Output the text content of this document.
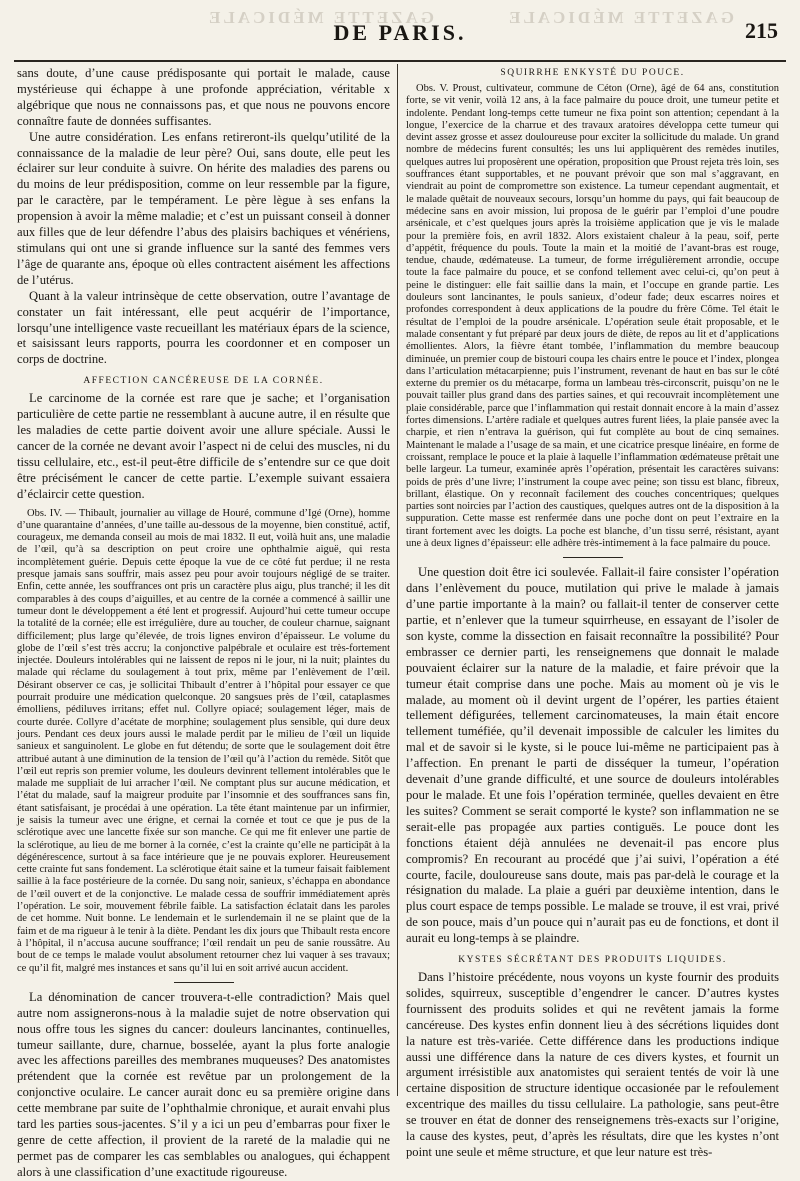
GAZETTE MÉDICALE	GAZETTE MÉDICALE
DE PARIS.	215

sans doute, d’une cause prédisposante qui portait le malade, cause mystérieuse qui échappe à une profonde appréciation, véritable x algébrique que nous ne connaissons pas, et que nous ne pouvons encore connaître faute de données suffisantes.

Une autre considération. Les enfans retireront-ils quelqu’utilité de la connaissance de la maladie de leur père? Oui, sans doute, elle peut les éclairer sur leur conduite à suivre. On hérite des maladies des parens ou du moins de leur prédisposition, comme on leur ressemble par la figure, par le caractère, par le tempérament. Le père lègue à ses enfans la propension à avoir la même maladie; et c’est un puissant conseil à donner aux filles que de leur défendre l’abus des plaisirs bachiques et vénériens, stimulans qui ont une si grande influence sur la santé des femmes vers l’âge de quarante ans, époque où elles contractent aisément les affections de l’utérus.

Quant à la valeur intrinsèque de cette observation, outre l’avantage de constater un fait intéressant, elle peut acquérir de l’importance, lorsqu’une intelligence vaste recueillant les matériaux épars de la science, et saisissant leurs rapports, pourra les coordonner et en composer un corps de doctrine.

AFFECTION CANCÉREUSE DE LA CORNÉE.

Le carcinome de la cornée est rare que je sache; et l’organisation particulière de cette partie ne ressemblant à aucune autre, il en résulte que les maladies de cette partie doivent avoir une allure spéciale. Aussi le cancer de la cornée ne devant avoir l’aspect ni de celui des muscles, ni du tissu cellulaire, etc., est-il peut-être difficile de s’entendre sur ce que doit être précisément le cancer de cette partie. L’exemple suivant essaiera d’éclaircir cette question.

Obs. IV. — Thibault, journalier au village de Houré, commune d’Igé (Orne), homme d’une quarantaine d’années, d’une taille au-dessous de la moyenne, bien constitué, actif, courageux, me demanda conseil au mois de mai 1832. Il eut, voilà huit ans, une maladie de l’œil, qu’à sa description on peut croire une ophthalmie aiguë, qui resta incomplètement guérie. Depuis cette époque la vue de ce côté fut perdue; il ne resta presque jamais sans souffrir, mais assez peu pour avoir toujours négligé de se traiter. Enfin, cette année, les souffrances ont pris un caractère plus aigu, plus tranché; il les dit comparables à des coups d’aiguilles, et au centre de la cornée a commencé à saillir une tumeur dont le développement a été lent et progressif. Aujourd’hui cette tumeur occupe la totalité de la cornée; elle est irrégulière, dure au toucher, de couleur charnue, saignant difficilement; plus large qu’élevée, de trois lignes environ d’épaisseur. Le volume du globe de l’œil s’est très accru; la conjonctive palpébrale et oculaire est très-fortement injectée. Douleurs intolérables qui ne laissent de repos ni le jour, ni la nuit; plaintes du malade qui réclame du soulagement à tout prix, même par l’enlèvement de l’œil. Désirant observer ce cas, je sollicitai Thibault d’entrer à l’hôpital pour essayer ce que pourrait produire une médication quelconque. 20 sangsues près de l’œil, cataplasmes émolliens, pédiluves irritans; effet nul. Collyre opiacé; soulagement léger, mais de courte durée. Collyre d’acétate de morphine; soulagement plus sensible, qui dure deux jours. Pendant ces deux jours aussi le malade perdit par le milieu de l’œil un liquide sanieux et sanguinolent. Le globe en fut détendu; de sorte que le soulagement doit être attribué autant à une diminution de la tension de l’œil qu’à l’action du remède. Sitôt que l’œil eut repris son premier volume, les douleurs devinrent tellement intolérables que le malade me suppliait de lui arracher l’œil. Ne comptant plus sur aucune médication, et l’état du malade, sauf la maigreur produite par l’insomnie et des souffrances sans fin, étant satisfaisant, je procédai à une opération. La tête étant maintenue par un infirmier, je saisis la tumeur avec une érigne, et cernai la cornée et tout ce que je pus de la sclérotique avec une lancette fixée sur son manche. Ce qui me fit enlever une partie de la sclérotique, au lieu de me borner à la cornée, c’est la crainte qu’elle ne participât à la dégénérescence, surtout à sa face intérieure que je ne pouvais explorer. Heureusement cette crainte fut sans fondement. La sclérotique était saine et la tumeur faisait faiblement saillie à la face postérieure de la cornée. Du sang noir, sanieux, s’échappa en abondance de l’œil ouvert et de la conjonctive. Le malade cessa de souffrir immédiatement après l’opération. Le soir, mouvement fébrile faible. La satisfaction éclatait dans les paroles de cet homme. Nuit bonne. Le lendemain et le surlendemain il ne se plaint que de la faim et de ma rigueur à le tenir à la diète. Pendant les dix jours que Thibault resta encore à l’hôpital, il n’accusa aucune souffrance; l’œil rendait un peu de sanie roussâtre. Au bout de ce temps le malade voulut absolument retourner chez lui vaquer à ses travaux; ce qu’il fit, malgré mes instances et sans qu’il lui en soit arrivé aucun accident.

La dénomination de cancer trouvera-t-elle contradiction? Mais quel autre nom assignerons-nous à la maladie sujet de notre observation qui nous offre tous les signes du cancer: douleurs lancinantes, continuelles, tumeur saillante, dure, charnue, bosselée, ayant la plus forte analogie avec les affections pareilles des membranes muqueuses? Des anatomistes prétendent que la cornée est revêtue par un prolongement de la conjonctive oculaire. Le cancer aurait donc eu sa première origine dans cette membrane par suite de l’ophthalmie chronique, et aurait envahi plus tard les parties sous-jacentes. S’il y a ici un peu d’embarras pour fixer le genre de cette affection, il provient de la rareté de la maladie qui ne permet pas de comparer les cas semblables ou analogues, qui échappent alors à une classification d’une exactitude rigoureuse.

SQUIRRHE ENKYSTÉ DU POUCE.

Obs. V. Proust, cultivateur, commune de Céton (Orne), âgé de 64 ans, constitution forte, se vit venir, voilà 12 ans, à la face palmaire du pouce droit, une tumeur petite et indolente. Pendant long-temps cette tumeur ne fixa point son attention; cependant à la longue, l’exercice de la charrue et des travaux aratoires développa cette tumeur qui devint assez grosse et assez douloureuse pour exciter la sollicitude du malade. Un grand nombre de médecins furent consultés; les uns lui appliquèrent des remèdes inutiles, quelques autres lui proposèrent une opération, proposition que Proust rejeta très loin, ses souffrances étant supportables, et ne pouvant prévoir que son mal s’aggravant, en viendrait au point de compromettre son existence. La tumeur cependant augmentait, et le malade quêtait de nouveaux secours, lorsqu’un homme du pays, qui fait beaucoup de médecine sans en avoir mission, lui proposa de le guérir par l’emploi d’une poudre arsénicale, et c’est quelques jours après la troisième application que je vis le malade pour la première fois, en avril 1832. Alors existaient chaleur à la peau, soif, perte d’appétit, fréquence du pouls. Toute la main et la moitié de l’avant-bras est rouge, tendue, chaude, œdémateuse. La tumeur, de forme irrégulièrement arrondie, occupe toute la face palmaire du pouce, et se confond tellement avec celui-ci, qu’on peut à peine le distinguer: elle fait saillie dans la main, et l’occupe en grande partie. Les douleurs sont lancinantes, le pouls sanieux, d’odeur fade; deux escarres noires et profondes correspondent à deux applications de la poudre du frère Côme. Tel était le résultat de l’emploi de la poudre arsénicale. L’opération seule était proposable, et le malade consentant y fut préparé par deux jours de diète, de repos au lit et d’applications émollientes. Alors, la fièvre étant tombée, l’inflammation du membre beaucoup diminuée, un premier coup de bistouri coupa les chairs entre le pouce et l’index, plongea dans l’articulation métacarpienne; puis l’instrument, revenant de haut en bas sur le côté externe du premier os du métacarpe, forma un lambeau très-circonscrit, puisqu’on ne le pouvait tailler plus grand dans des parties saines, et qui recouvrait incomplètement une plaie considérable, parce que l’inflammation qui restait donnait encore à la main d’assez fortes dimensions. L’artère radiale et quelques autres furent liées, la plaie pansée avec la charpie, et rien n’entrava la guérison, qui fut complète au bout de cinq semaines. Maintenant le malade a l’usage de sa main, et une cicatrice presque linéaire, en forme de croissant, remplace le pouce et la plaie à laquelle l’inflammation œdémateuse prêtait une belle largeur. La tumeur, examinée après l’opération, présentait les caractères suivans: poids de près d’une livre; l’instrument la coupe avec peine; son tissu est blanc, fibreux, brillant, élastique. On y reconnaît facilement des couches concentriques; quelques parties sont noircies par l’action des caustiques, quelques autres ont de la disposition à la suppuration. Cette masse est renfermée dans une poche dont on peut l’extraire en la tirant fortement avec les doigts. La poche est blanche, d’un tissu serré, résistant, ayant une à deux lignes d’épaisseur: elle adhère très-intimement à la face palmaire du pouce.

Une question doit être ici soulevée. Fallait-il faire consister l’opération dans l’enlèvement du pouce, mutilation qui prive le malade à jamais d’une partie importante à la main? ou fallait-il tenter de conserver cette partie, et n’enlever que la tumeur squirrheuse, en essayant de l’isoler de son kyste, comme la dissection en faisait reconnaître la possibilité? Pour embrasser ce dernier parti, les renseignemens que donnait le malade pouvaient éclairer sur la nature de la maladie, et faire prévoir que la tumeur était comprise dans une poche. Mais au moment où je vis le malade, au moment où il devint urgent de l’opérer, les parties étaient tellement défigurées, tellement carcinomateuses, la main était encore tellement tuméfiée, qu’il devenait impossible de calculer les limites du mal et de savoir si le kyste, si le pouce lui-même ne participaient pas à l’affection. En prenant le parti de disséquer la tumeur, l’opération devenait d’une grande difficulté, et une source de douleurs intolérables pour le malade. Et une fois l’opération terminée, quelles devaient en être les suites? Comment se serait comporté le kyste? son inflammation ne se serait-elle pas propagée aux parties contiguës. Le pouce dont les fonctions étaient déjà annulées ne devenait-il pas encore plus compromis? En recourant au procédé que j’ai suivi, l’opération a été courte, facile, douloureuse sans doute, mais pas par-delà le courage et la résignation du malade. La plaie a guéri par deuxième intention, dans le plus court espace de temps possible. Le malade se trouve, il est vrai, privé de son pouce, mais d’un pouce qui n’aurait pas eu de fonctions, et dont il aurait eu long-temps à se plaindre.

KYSTES SÉCRÉTANT DES PRODUITS LIQUIDES.

Dans l’histoire précédente, nous voyons un kyste fournir des produits solides, squirreux, susceptible d’engendrer le cancer. D’autres kystes fournissent des produits solides et qui ne revêtent jamais la forme cancéreuse. Des kystes enfin donnent lieu à des sécrétions liquides dont la nature est très-variée. Cette différence dans les productions indique aussi une différence dans la nature de ces divers kystes, et fournit un argument irrésistible aux anatomistes qui seraient tentés de voir là une certaine disposition de structure identique occasionée par le refoulement excentrique des mailles du tissu cellulaire. La pathologie, sans peut-être se trouver en état de donner des renseignemens très-exacts sur l’origine, la cause des kystes, peut, d’après les résultats, dire que les kystes n’ont point une seule et même structure, et que leur nature est très-
